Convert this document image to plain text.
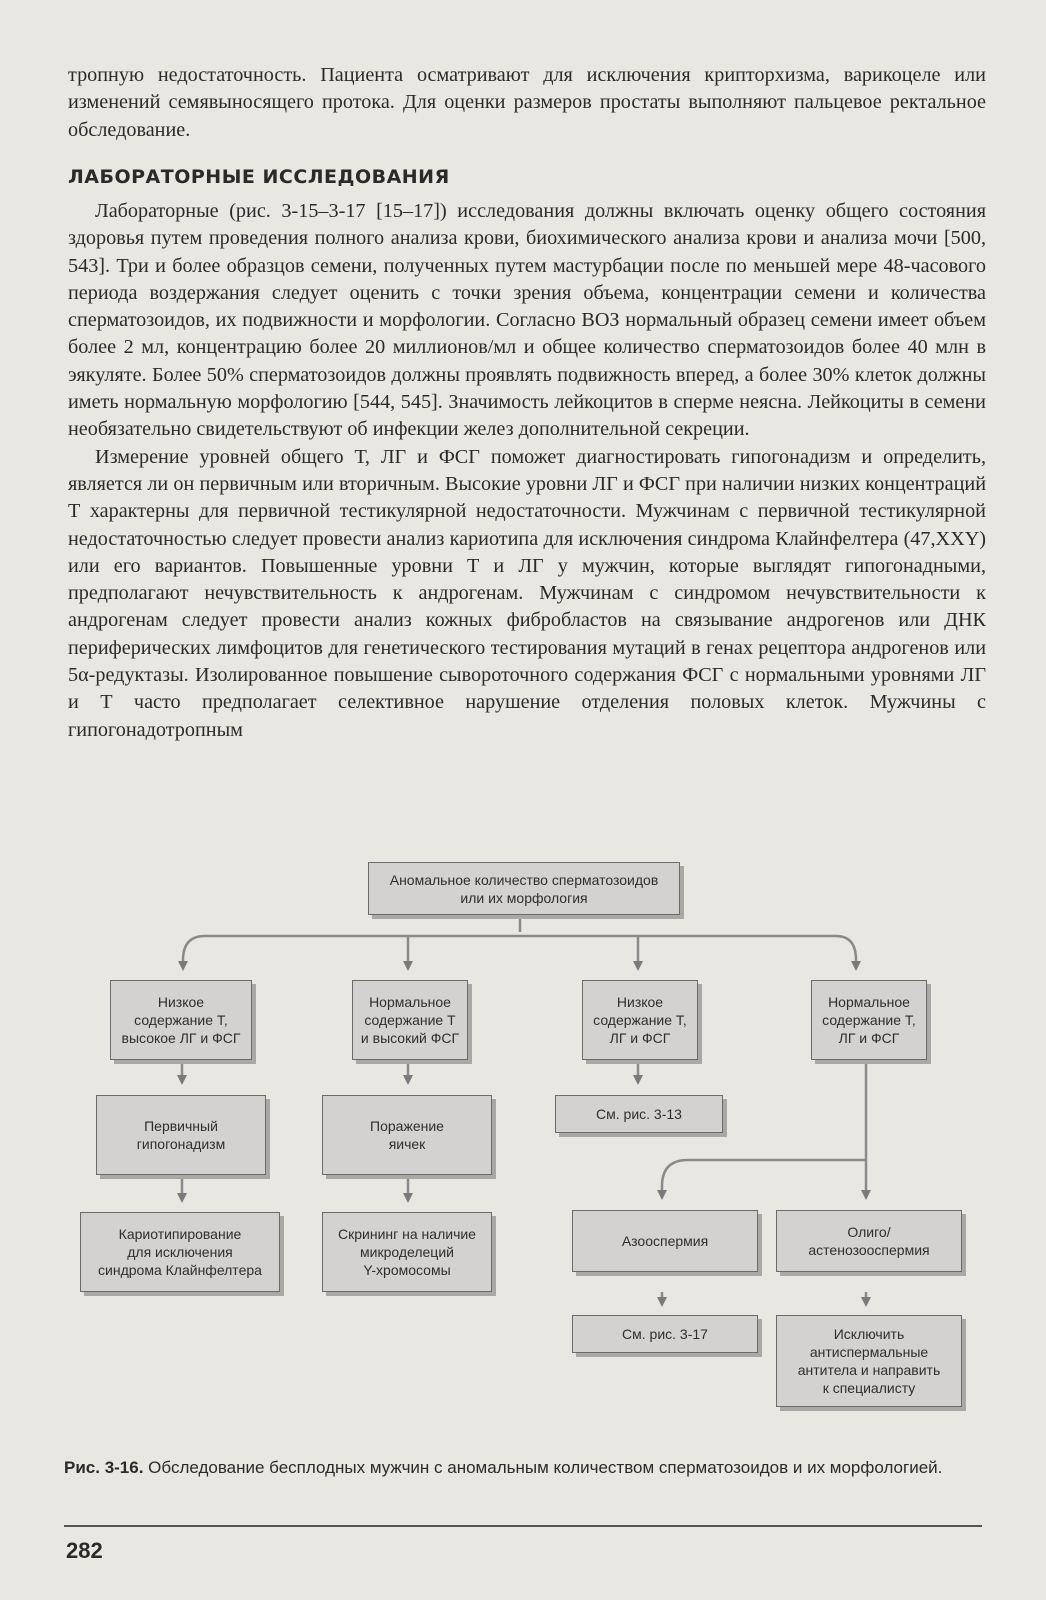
тропную недостаточность. Пациента осматривают для исключения крипторхизма, варикоцеле или изменений семявыносящего протока. Для оценки размеров простаты выполняют пальцевое ректальное обследование.

ЛАБОРАТОРНЫЕ ИССЛЕДОВАНИЯ

Лабораторные (рис. 3-15–3-17 [15–17]) исследования должны включать оценку общего состояния здоровья путем проведения полного анализа крови, биохимического анализа крови и анализа мочи [500, 543]. Три и более образцов семени, полученных путем мастурбации после по меньшей мере 48-часового периода воздержания следует оценить с точки зрения объема, концентрации семени и количества сперматозоидов, их подвижности и морфологии. Согласно ВОЗ нормальный образец семени имеет объем более 2 мл, концентрацию более 20 миллионов/мл и общее количество сперматозоидов более 40 млн в эякуляте. Более 50% сперматозоидов должны проявлять подвижность вперед, а более 30% клеток должны иметь нормальную морфологию [544, 545]. Значимость лейкоцитов в сперме неясна. Лейкоциты в семени необязательно свидетельствуют об инфекции желез дополнительной секреции.

Измерение уровней общего Т, ЛГ и ФСГ поможет диагностировать гипогонадизм и определить, является ли он первичным или вторичным. Высокие уровни ЛГ и ФСГ при наличии низких концентраций Т характерны для первичной тестикулярной недостаточности. Мужчинам с первичной тестикулярной недостаточностью следует провести анализ кариотипа для исключения синдрома Клайнфелтера (47,XXY) или его вариантов. Повышенные уровни Т и ЛГ у мужчин, которые выглядят гипогонадными, предполагают нечувствительность к андрогенам. Мужчинам с синдромом нечувствительности к андрогенам следует провести анализ кожных фибробластов на связывание андрогенов или ДНК периферических лимфоцитов для генетического тестирования мутаций в генах рецептора андрогенов или 5α-редуктазы. Изолированное повышение сывороточного содержания ФСГ с нормальными уровнями ЛГ и Т часто предполагает селективное нарушение отделения половых клеток. Мужчины с гипогонадотропным

Аномальное количество сперматозоидов
или их морфология
Низкое
содержание Т,
высокое ЛГ и ФСГ
Нормальное
содержание Т
и высокий ФСГ
Низкое
содержание Т,
ЛГ и ФСГ
Нормальное
содержание Т,
ЛГ и ФСГ
Первичный
гипогонадизм
Поражение
яичек
См. рис. 3-13
Кариотипирование
для исключения
синдрома Клайнфелтера
Скрининг на наличие
микроделеций
Y-хромосомы
Азооспермия
Олиго/
астенозооспермия
См. рис. 3-17	Исключить
антиспермальные
антитела и направить
к специалисту
Рис. 3-16. Обследование бесплодных мужчин с аномальным количеством сперматозоидов и их морфологией.
282
